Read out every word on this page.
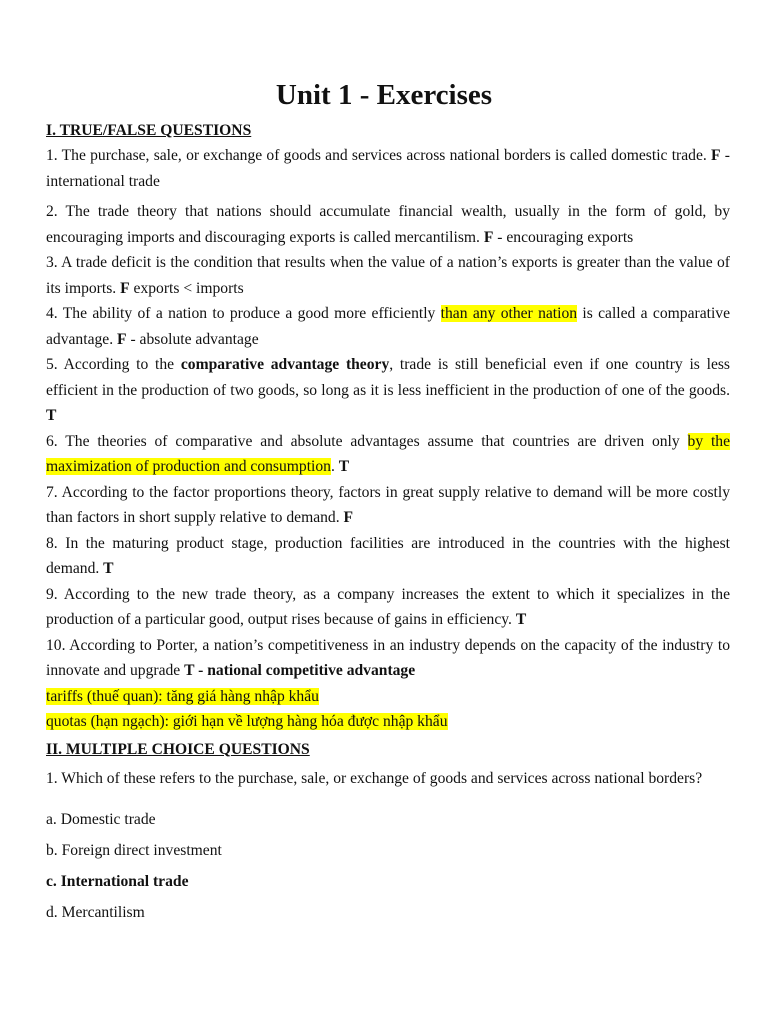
Unit 1 - Exercises
I. TRUE/FALSE QUESTIONS

1. The purchase, sale, or exchange of goods and services across national borders is called domestic trade. F - international trade

2. The trade theory that nations should accumulate financial wealth, usually in the form of gold, by encouraging imports and discouraging exports is called mercantilism. F - encouraging exports

3. A trade deficit is the condition that results when the value of a nation’s exports is greater than the value of its imports. F exports < imports

4. The ability of a nation to produce a good more efficiently than any other nation is called a comparative advantage. F - absolute advantage

5. According to the comparative advantage theory, trade is still beneficial even if one country is less efficient in the production of two goods, so long as it is less inefficient in the production of one of the goods. T

6. The theories of comparative and absolute advantages assume that countries are driven only by the maximization of production and consumption. T

7. According to the factor proportions theory, factors in great supply relative to demand will be more costly than factors in short supply relative to demand. F

8. In the maturing product stage, production facilities are introduced in the countries with the highest demand. T

9. According to the new trade theory, as a company increases the extent to which it specializes in the production of a particular good, output rises because of gains in efficiency. T

10. According to Porter, a nation’s competitiveness in an industry depends on the capacity of the industry to innovate and upgrade T - national competitive advantage

tariffs (thuế quan): tăng giá hàng nhập khẩu
quotas (hạn ngạch): giới hạn về lượng hàng hóa được nhập khẩu
II. MULTIPLE CHOICE QUESTIONS

1. Which of these refers to the purchase, sale, or exchange of goods and services across national borders?

a. Domestic trade
b. Foreign direct investment
c. International trade
d. Mercantilism
